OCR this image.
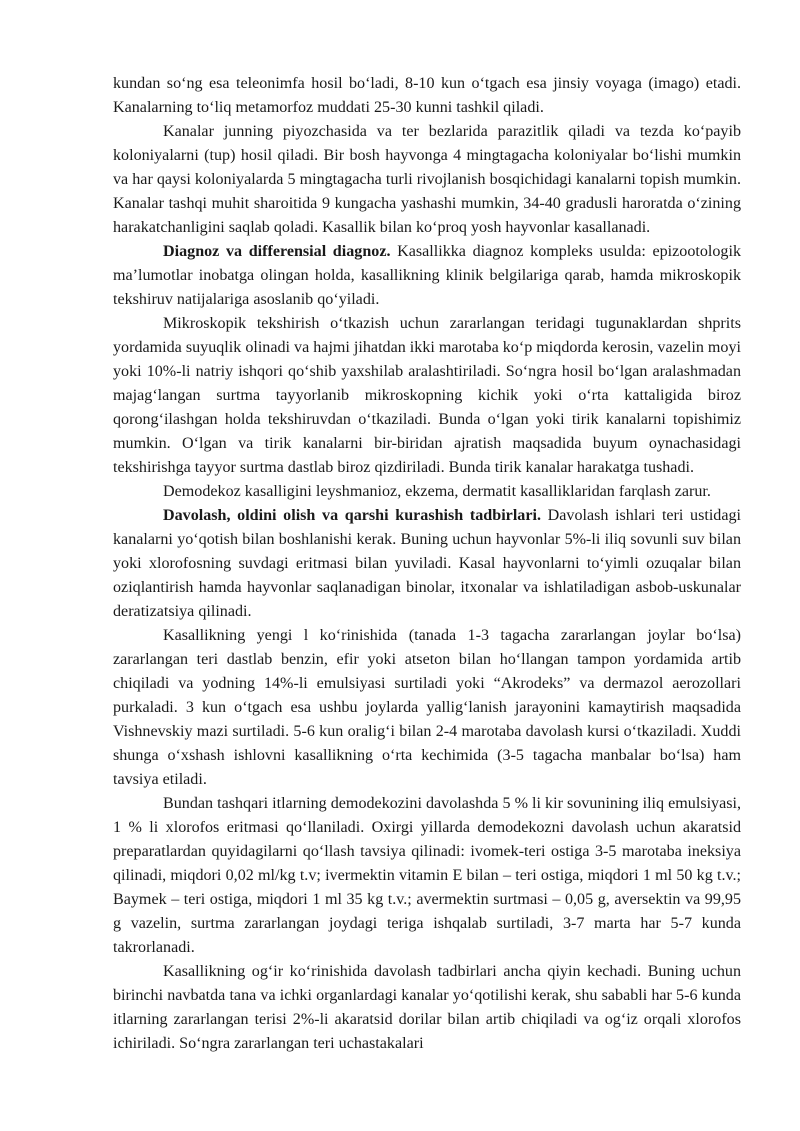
kundan so‘ng esa teleonimfa hosil bo‘ladi, 8-10 kun o‘tgach esa jinsiy voyaga (imago) etadi. Kanalarning to‘liq metamorfoz muddati 25-30 kunni tashkil qiladi.

Kanalar junning piyozchasida va ter bezlarida parazitlik qiladi va tezda ko‘payib koloniyalarni (tup) hosil qiladi. Bir bosh hayvonga 4 mingtagacha koloniyalar bo‘lishi mumkin va har qaysi koloniyalarda 5 mingtagacha turli rivojlanish bosqichidagi kanalarni topish mumkin. Kanalar tashqi muhit sharoitida 9 kungacha yashashi mumkin, 34-40 gradusli haroratda o‘zining harakatchanligini saqlab qoladi. Kasallik bilan ko‘proq yosh hayvonlar kasallanadi.

Diagnoz va differensial diagnoz. Kasallikka diagnoz kompleks usulda: epizootologik ma’lumotlar inobatga olingan holda, kasallikning klinik belgilariga qarab, hamda mikroskopik tekshiruv natijalariga asoslanib qo‘yiladi.

Mikroskopik tekshirish o‘tkazish uchun zararlangan teridagi tugunaklardan shprits yordamida suyuqlik olinadi va hajmi jihatdan ikki marotaba ko‘p miqdorda kerosin, vazelin moyi yoki 10%-li natriy ishqori qo‘shib yaxshilab aralashtiriladi. So‘ngra hosil bo‘lgan aralashmadan majag‘langan surtma tayyorlanib mikroskopning kichik yoki o‘rta kattaligida biroz qorong‘ilashgan holda tekshiruvdan o‘tkaziladi. Bunda o‘lgan yoki tirik kanalarni topishimiz mumkin. O‘lgan va tirik kanalarni bir-biridan ajratish maqsadida buyum oynachasidagi tekshirishga tayyor surtma dastlab biroz qizdiriladi. Bunda tirik kanalar harakatga tushadi.

Demodekoz kasalligini leyshmanioz, ekzema, dermatit kasalliklaridan farqlash zarur.

Davolash, oldini olish va qarshi kurashish tadbirlari. Davolash ishlari teri ustidagi kanalarni yo‘qotish bilan boshlanishi kerak. Buning uchun hayvonlar 5%-li iliq sovunli suv bilan yoki xlorofosning suvdagi eritmasi bilan yuviladi. Kasal hayvonlarni to‘yimli ozuqalar bilan oziqlantirish hamda hayvonlar saqlanadigan binolar, itxonalar va ishlatiladigan asbob-uskunalar deratizatsiya qilinadi.

Kasallikning yengi l ko‘rinishida (tanada 1-3 tagacha zararlangan joylar bo‘lsa) zararlangan teri dastlab benzin, efir yoki atseton bilan ho‘llangan tampon yordamida artib chiqiladi va yodning 14%-li emulsiyasi surtiladi yoki “Akrodeks” va dermazol aerozollari purkaladi. 3 kun o‘tgach esa ushbu joylarda yallig‘lanish jarayonini kamaytirish maqsadida Vishnevskiy mazi surtiladi. 5-6 kun oralig‘i bilan 2-4 marotaba davolash kursi o‘tkaziladi. Xuddi shunga o‘xshash ishlovni kasallikning o‘rta kechimida (3-5 tagacha manbalar bo‘lsa) ham tavsiya etiladi.

Bundan tashqari itlarning demodekozini davolashda 5 % li kir sovunining iliq emulsiyasi, 1 % li xlorofos eritmasi qo‘llaniladi. Oxirgi yillarda demodekozni davolash uchun akaratsid preparatlardan quyidagilarni qo‘llash tavsiya qilinadi: ivomek-teri ostiga 3-5 marotaba ineksiya qilinadi, miqdori 0,02 ml/kg t.v; ivermektin vitamin E bilan – teri ostiga, miqdori 1 ml 50 kg t.v.; Baymek – teri ostiga, miqdori 1 ml 35 kg t.v.; avermektin surtmasi – 0,05 g, aversektin va 99,95 g vazelin, surtma zararlangan joydagi teriga ishqalab surtiladi, 3-7 marta har 5-7 kunda takrorlanadi.

Kasallikning og‘ir ko‘rinishida davolash tadbirlari ancha qiyin kechadi. Buning uchun birinchi navbatda tana va ichki organlardagi kanalar yo‘qotilishi kerak, shu sababli har 5-6 kunda itlarning zararlangan terisi 2%-li akaratsid dorilar bilan artib chiqiladi va og‘iz orqali xlorofos ichiriladi. So‘ngra zararlangan teri uchastakalari
